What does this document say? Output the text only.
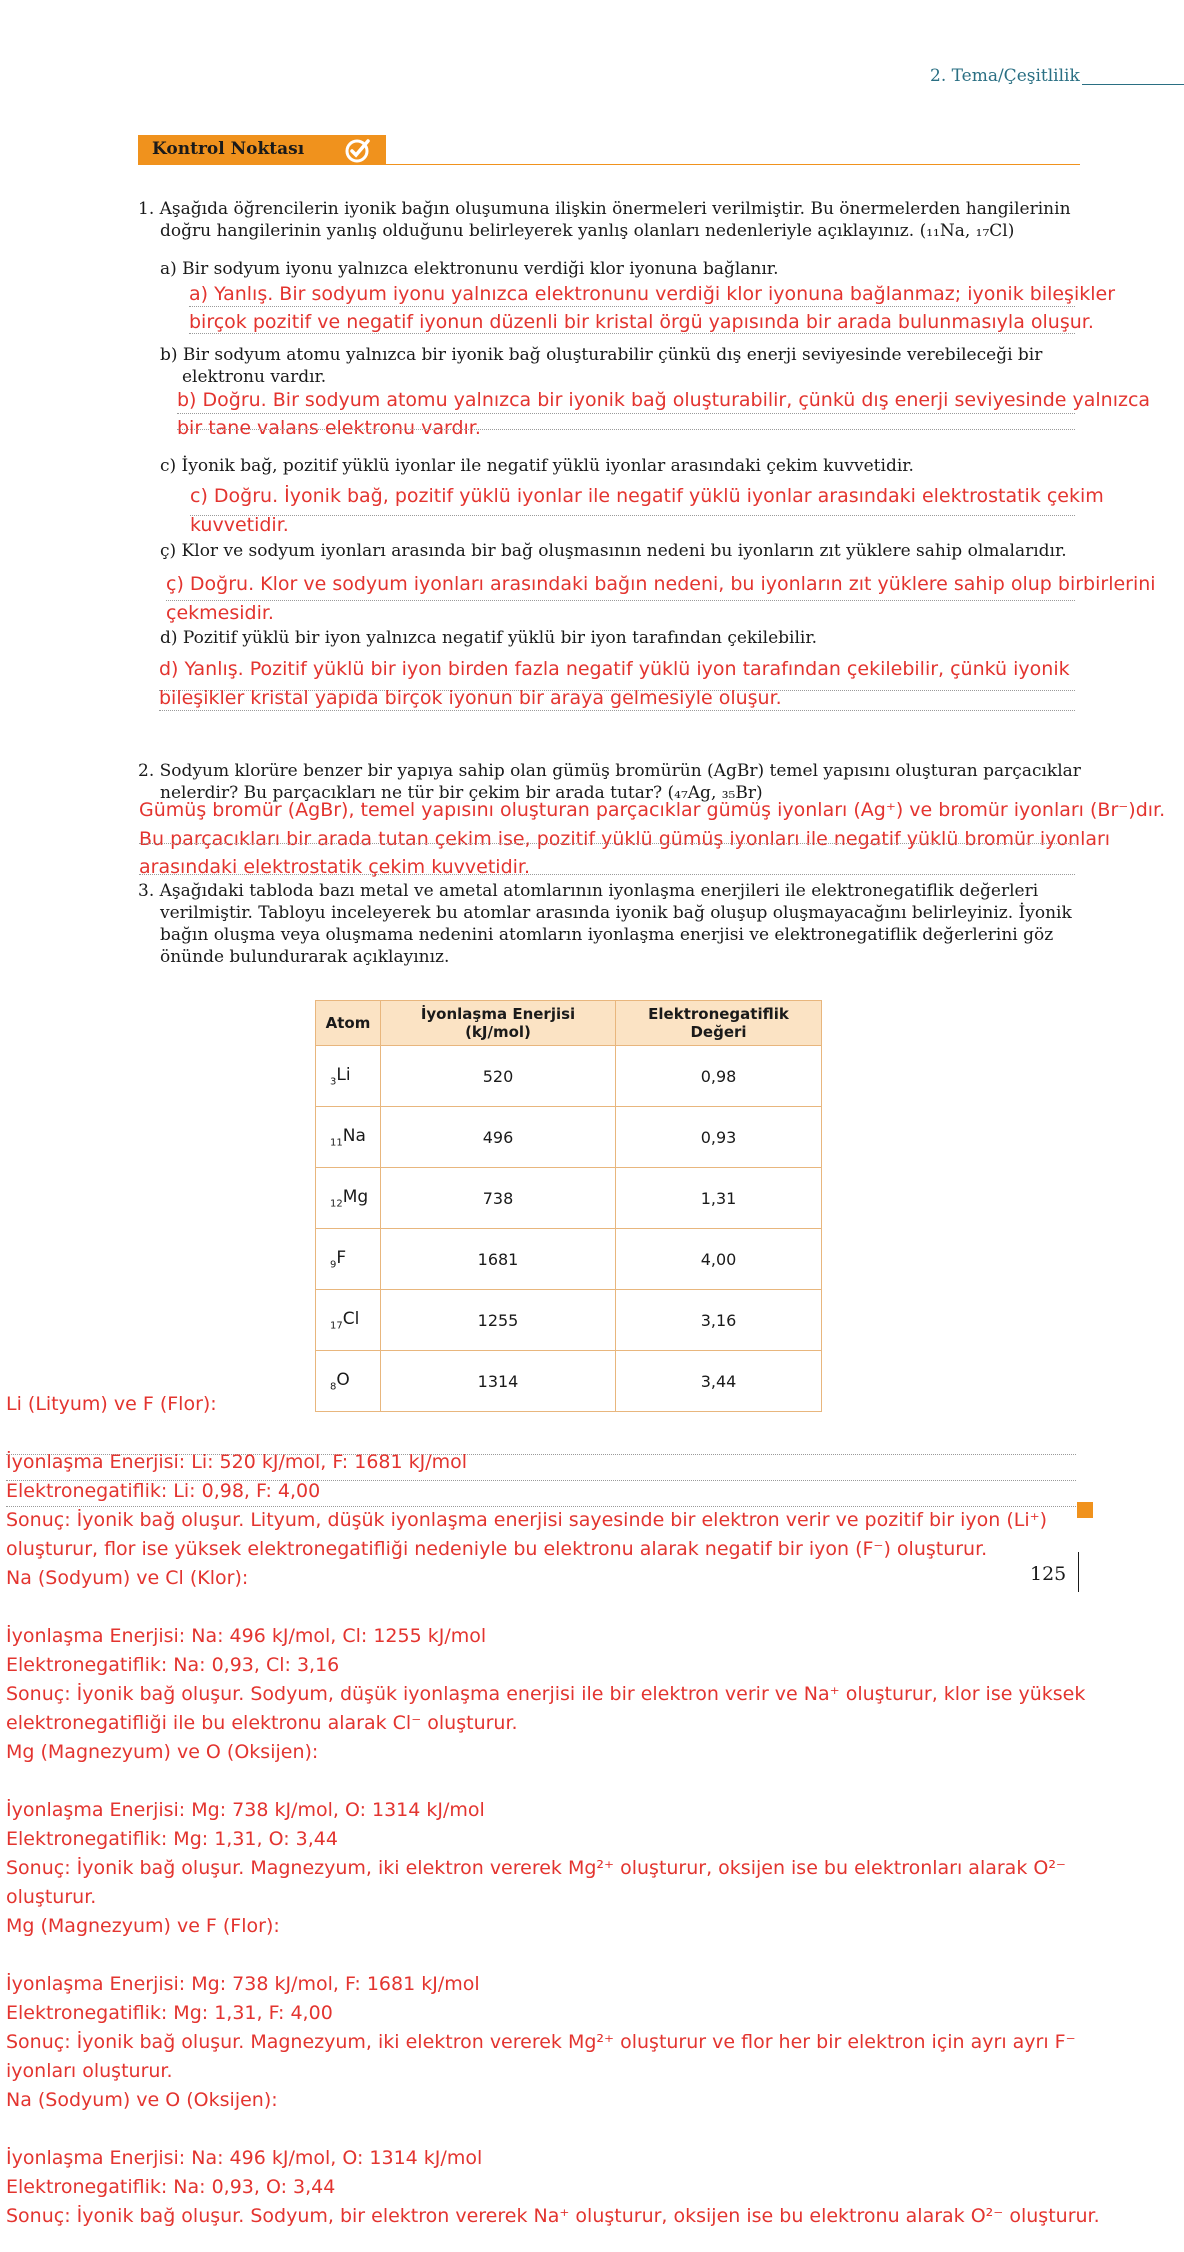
2. Tema/Çeşitlilik
Kontrol Noktası
1. Aşağıda öğrencilerin iyonik bağın oluşumuna ilişkin önermeleri verilmiştir. Bu önermelerden hangilerinin
doğru hangilerinin yanlış olduğunu belirleyerek yanlış olanları nedenleriyle açıklayınız. (₁₁Na, ₁₇Cl)
a) Bir sodyum iyonu yalnızca elektronunu verdiği klor iyonuna bağlanır.
a) Yanlış. Bir sodyum iyonu yalnızca elektronunu verdiği klor iyonuna bağlanmaz; iyonik bileşikler
birçok pozitif ve negatif iyonun düzenli bir kristal örgü yapısında bir arada bulunmasıyla oluşur.
b) Bir sodyum atomu yalnızca bir iyonik bağ oluşturabilir çünkü dış enerji seviyesinde verebileceği bir
elektronu vardır.
b) Doğru. Bir sodyum atomu yalnızca bir iyonik bağ oluşturabilir, çünkü dış enerji seviyesinde yalnızca
bir tane valans elektronu vardır.
c) İyonik bağ, pozitif yüklü iyonlar ile negatif yüklü iyonlar arasındaki çekim kuvvetidir.
c) Doğru. İyonik bağ, pozitif yüklü iyonlar ile negatif yüklü iyonlar arasındaki elektrostatik çekim
kuvvetidir.
ç) Klor ve sodyum iyonları arasında bir bağ oluşmasının nedeni bu iyonların zıt yüklere sahip olmalarıdır.
ç) Doğru. Klor ve sodyum iyonları arasındaki bağın nedeni, bu iyonların zıt yüklere sahip olup birbirlerini
çekmesidir.
d) Pozitif yüklü bir iyon yalnızca negatif yüklü bir iyon tarafından çekilebilir.
d) Yanlış. Pozitif yüklü bir iyon birden fazla negatif yüklü iyon tarafından çekilebilir, çünkü iyonik
bileşikler kristal yapıda birçok iyonun bir araya gelmesiyle oluşur.
2. Sodyum klorüre benzer bir yapıya sahip olan gümüş bromürün (AgBr) temel yapısını oluşturan parçacıklar
nelerdir? Bu parçacıkları ne tür bir çekim bir arada tutar? (₄₇Ag, ₃₅Br)
Gümüş bromür (AgBr), temel yapısını oluşturan parçacıklar gümüş iyonları (Ag⁺) ve bromür iyonları (Br⁻)dır.
Bu parçacıkları bir arada tutan çekim ise, pozitif yüklü gümüş iyonları ile negatif yüklü bromür iyonları
arasındaki elektrostatik çekim kuvvetidir.
3. Aşağıdaki tabloda bazı metal ve ametal atomlarının iyonlaşma enerjileri ile elektronegatiflik değerleri
verilmiştir. Tabloyu inceleyerek bu atomlar arasında iyonik bağ oluşup oluşmayacağını belirleyiniz. İyonik
bağın oluşma veya oluşmama nedenini atomların iyonlaşma enerjisi ve elektronegatiflik değerlerini göz
önünde bulundurarak açıklayınız.
Atom	İyonlaşma Enerjisi (kJ/mol)	Elektronegatiflik Değeri
$_3$Li	520	0,98
$_{11}$Na	496	0,93
$_{12}$Mg	738	1,31
$_9$F	1681	4,00
$_{17}$Cl	1255	3,16
$_8$O	1314	3,44
125
Li (Lityum) ve F (Flor):
İyonlaşma Enerjisi: Li: 520 kJ/mol, F: 1681 kJ/mol
Elektronegatiflik: Li: 0,98, F: 4,00
Sonuç: İyonik bağ oluşur. Lityum, düşük iyonlaşma enerjisi sayesinde bir elektron verir ve pozitif bir iyon (Li⁺)
oluşturur, flor ise yüksek elektronegatifliği nedeniyle bu elektronu alarak negatif bir iyon (F⁻) oluşturur.
Na (Sodyum) ve Cl (Klor):
İyonlaşma Enerjisi: Na: 496 kJ/mol, Cl: 1255 kJ/mol
Elektronegatiflik: Na: 0,93, Cl: 3,16
Sonuç: İyonik bağ oluşur. Sodyum, düşük iyonlaşma enerjisi ile bir elektron verir ve Na⁺ oluşturur, klor ise yüksek
elektronegatifliği ile bu elektronu alarak Cl⁻ oluşturur.
Mg (Magnezyum) ve O (Oksijen):
İyonlaşma Enerjisi: Mg: 738 kJ/mol, O: 1314 kJ/mol
Elektronegatiflik: Mg: 1,31, O: 3,44
Sonuç: İyonik bağ oluşur. Magnezyum, iki elektron vererek Mg²⁺ oluşturur, oksijen ise bu elektronları alarak O²⁻
oluşturur.
Mg (Magnezyum) ve F (Flor):
İyonlaşma Enerjisi: Mg: 738 kJ/mol, F: 1681 kJ/mol
Elektronegatiflik: Mg: 1,31, F: 4,00
Sonuç: İyonik bağ oluşur. Magnezyum, iki elektron vererek Mg²⁺ oluşturur ve flor her bir elektron için ayrı ayrı F⁻
iyonları oluşturur.
Na (Sodyum) ve O (Oksijen):
İyonlaşma Enerjisi: Na: 496 kJ/mol, O: 1314 kJ/mol
Elektronegatiflik: Na: 0,93, O: 3,44
Sonuç: İyonik bağ oluşur. Sodyum, bir elektron vererek Na⁺ oluşturur, oksijen ise bu elektronu alarak O²⁻ oluşturur.
